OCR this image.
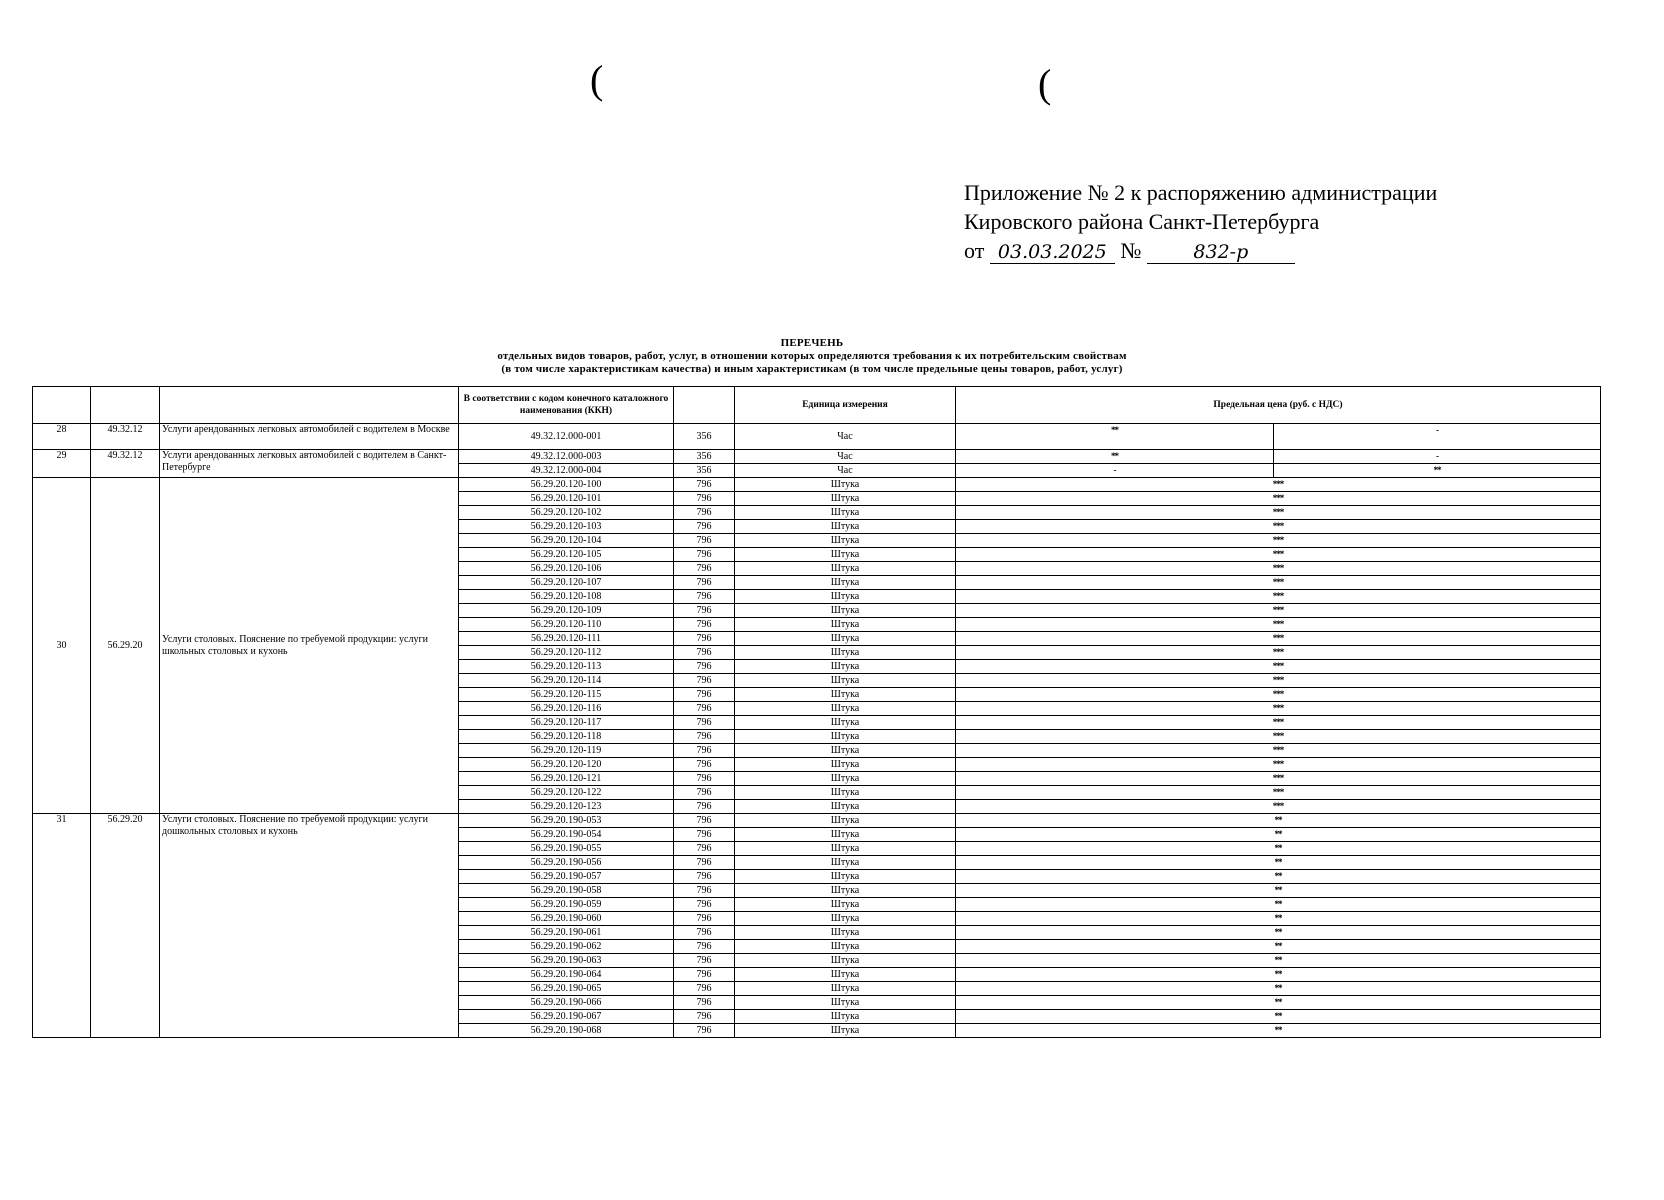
(	(
Приложение № 2 к распоряжению администрации
Кировского района Санкт-Петербурга
от 03.03.2025 №	832-р
ПЕРЕЧЕНЬ
отдельных видов товаров, работ, услуг, в отношении которых определяются требования к их потребительским свойствам
(в том числе характеристикам качества) и иным характеристикам (в том числе предельные цены товаров, работ, услуг)
			В соответствии с кодом конечного каталожного наименования (ККН)		Единица измерения	Предельная цена (руб. с НДС)	
28	49.32.12	Услуги арендованных легковых автомобилей с водителем в Москве	49.32.12.000-001	356	Час	**	-
29	49.32.12	Услуги арендованных легковых автомобилей с водителем в Санкт-Петербурге	49.32.12.000-003	356	Час	**	-
			49.32.12.000-004	356	Час	-	**
30	56.29.20	Услуги столовых. Пояснение по требуемой продукции: услуги школьных столовых и кухонь	56.29.20.120-100	796	Штука	***	
			56.29.20.120-101	796	Штука	***	
			56.29.20.120-102	796	Штука	***	
			56.29.20.120-103	796	Штука	***	
			56.29.20.120-104	796	Штука	***	
			56.29.20.120-105	796	Штука	***	
			56.29.20.120-106	796	Штука	***	
			56.29.20.120-107	796	Штука	***	
			56.29.20.120-108	796	Штука	***	
			56.29.20.120-109	796	Штука	***	
			56.29.20.120-110	796	Штука	***	
			56.29.20.120-111	796	Штука	***	
			56.29.20.120-112	796	Штука	***	
			56.29.20.120-113	796	Штука	***	
			56.29.20.120-114	796	Штука	***	
			56.29.20.120-115	796	Штука	***	
			56.29.20.120-116	796	Штука	***	
			56.29.20.120-117	796	Штука	***	
			56.29.20.120-118	796	Штука	***	
			56.29.20.120-119	796	Штука	***	
			56.29.20.120-120	796	Штука	***	
			56.29.20.120-121	796	Штука	***	
			56.29.20.120-122	796	Штука	***	
			56.29.20.120-123	796	Штука	***	
31	56.29.20	Услуги столовых. Пояснение по требуемой продукции: услуги дошкольных столовых и кухонь	56.29.20.190-053	796	Штука	**	
			56.29.20.190-054	796	Штука	**	
			56.29.20.190-055	796	Штука	**	
			56.29.20.190-056	796	Штука	**	
			56.29.20.190-057	796	Штука	**	
			56.29.20.190-058	796	Штука	**	
			56.29.20.190-059	796	Штука	**	
			56.29.20.190-060	796	Штука	**	
			56.29.20.190-061	796	Штука	**	
			56.29.20.190-062	796	Штука	**	
			56.29.20.190-063	796	Штука	**	
			56.29.20.190-064	796	Штука	**	
			56.29.20.190-065	796	Штука	**	
			56.29.20.190-066	796	Штука	**	
			56.29.20.190-067	796	Штука	**	
			56.29.20.190-068	796	Штука	**	
